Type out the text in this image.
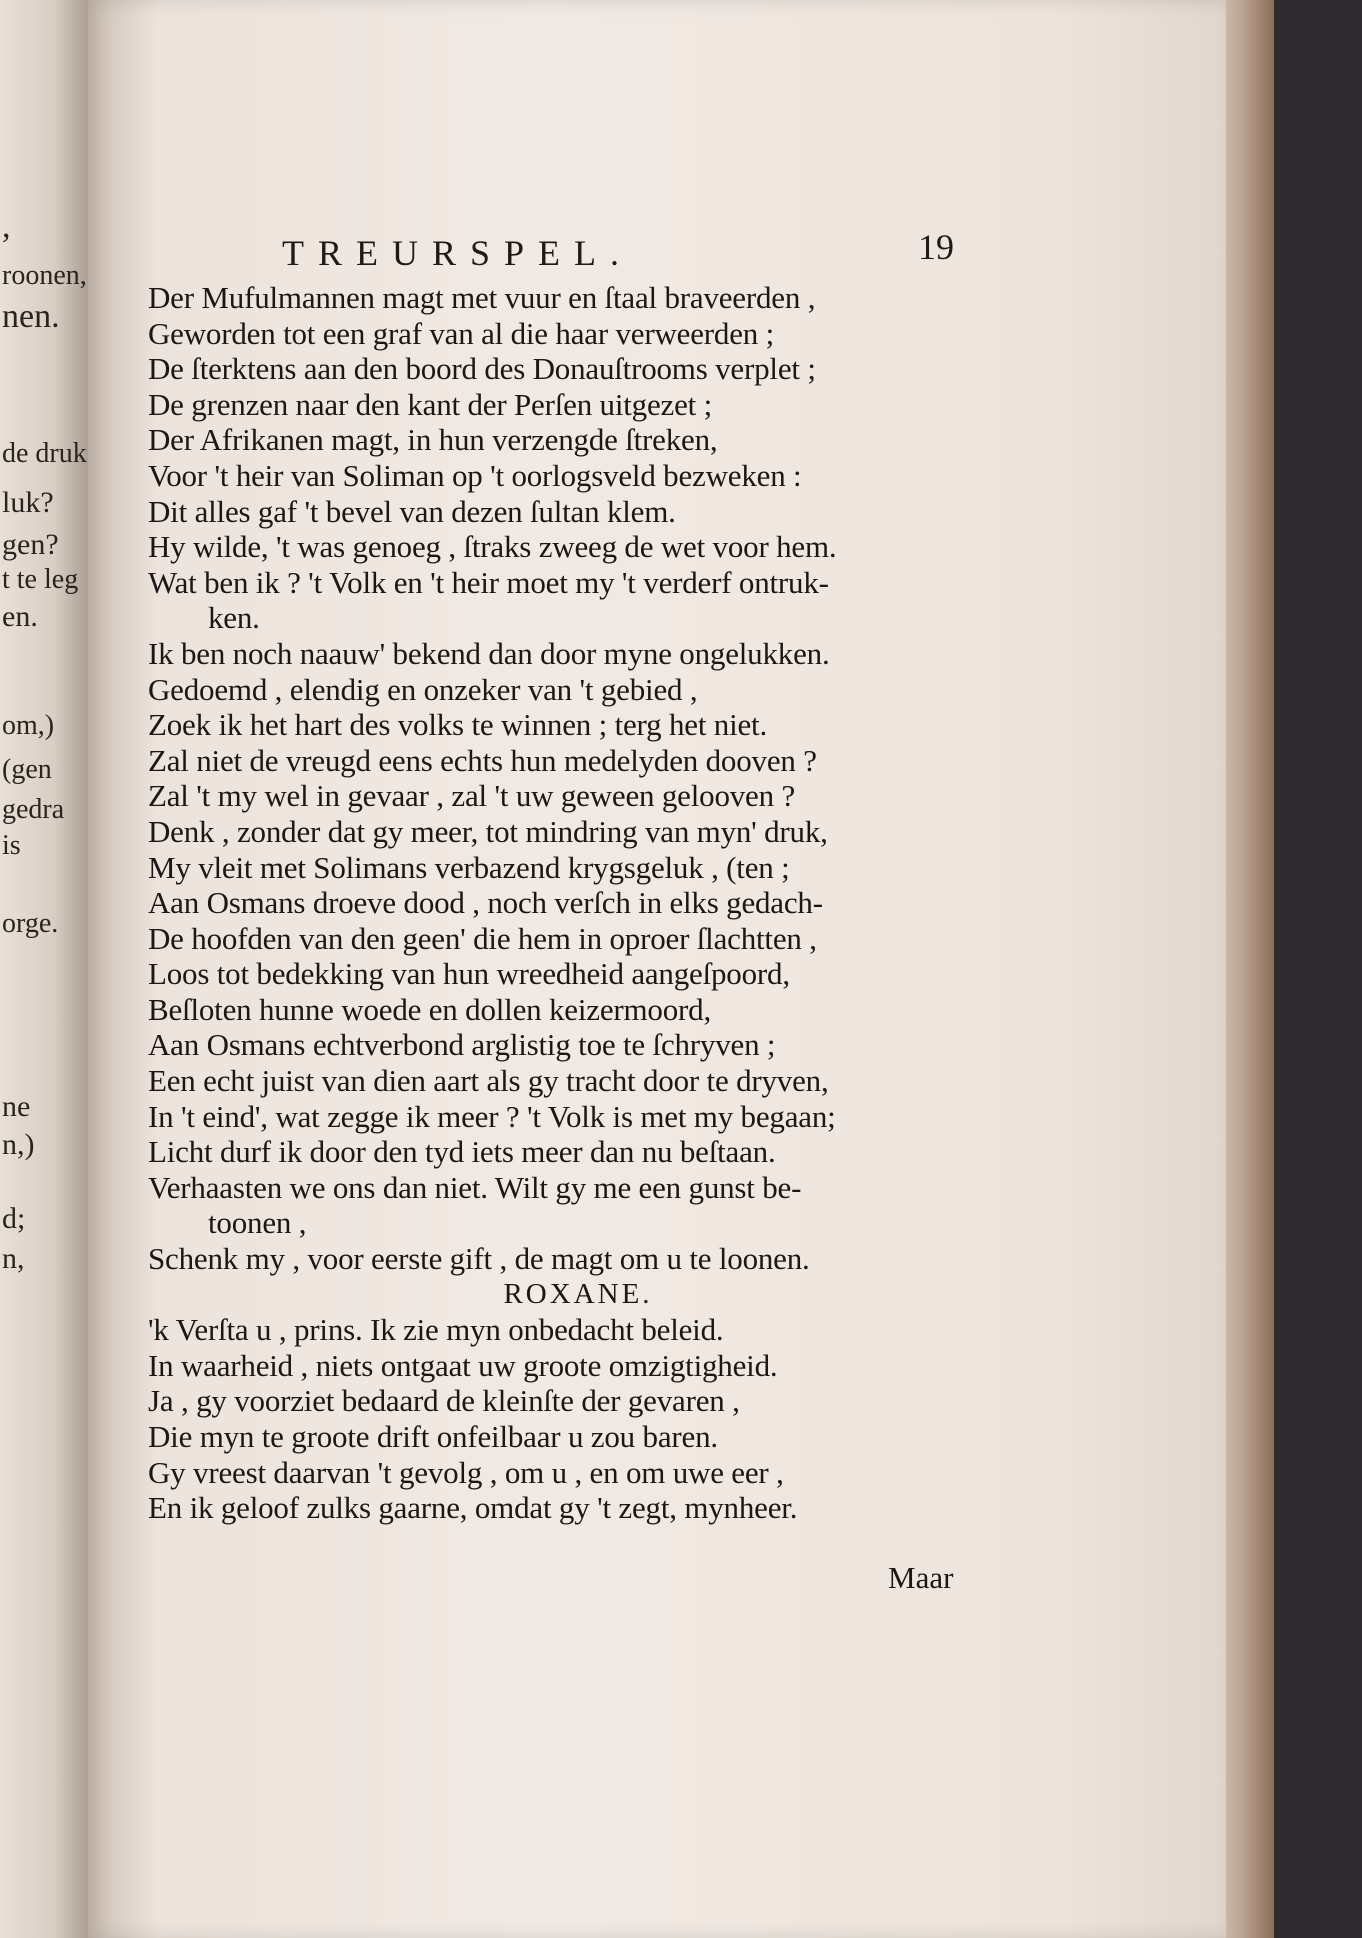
,
roonen,
nen.
de druk
luk?
gen?
t te leg
en.
om,)
(gen
gedra
is
orge.
ne
n,)
d;
n,
TREURSPEL.	19
Der Mufulmannen magt met vuur en ſtaal braveerden ,
Geworden tot een graf van al die haar verweerden ;
De ſterktens aan den boord des Donauſtrooms verplet ;
De grenzen naar den kant der Perſen uitgezet ;
Der Afrikanen magt, in hun verzengde ſtreken,
Voor 't heir van Soliman op 't oorlogsveld bezweken :
Dit alles gaf 't bevel van dezen ſultan klem.
Hy wilde, 't was genoeg , ſtraks zweeg de wet voor hem.
Wat ben ik ? 't Volk en 't heir moet my 't verderf ontruk-
ken.
Ik ben noch naauw' bekend dan door myne ongelukken.
Gedoemd , elendig en onzeker van 't gebied ,
Zoek ik het hart des volks te winnen ; terg het niet.
Zal niet de vreugd eens echts hun medelyden dooven ?
Zal 't my wel in gevaar , zal 't uw geween gelooven ?
Denk , zonder dat gy meer, tot mindring van myn' druk,
My vleit met Solimans verbazend krygsgeluk , (ten ;
Aan Osmans droeve dood , noch verſch in elks gedach-
De hoofden van den geen' die hem in oproer ſlachtten ,
Loos tot bedekking van hun wreedheid aangeſpoord,
Beſloten hunne woede en dollen keizermoord,
Aan Osmans echtverbond arglistig toe te ſchryven ;
Een echt juist van dien aart als gy tracht door te dryven,
In 't eind', wat zegge ik meer ? 't Volk is met my begaan;
Licht durf ik door den tyd iets meer dan nu beſtaan.
Verhaasten we ons dan niet. Wilt gy me een gunst be-
toonen ,
Schenk my , voor eerste gift , de magt om u te loonen.
ROXANE.
'k Verſta u , prins. Ik zie myn onbedacht beleid.
In waarheid , niets ontgaat uw groote omzigtigheid.
Ja , gy voorziet bedaard de kleinſte der gevaren ,
Die myn te groote drift onfeilbaar u zou baren.
Gy vreest daarvan 't gevolg , om u , en om uwe eer ,
En ik geloof zulks gaarne, omdat gy 't zegt, mynheer.
Maar
